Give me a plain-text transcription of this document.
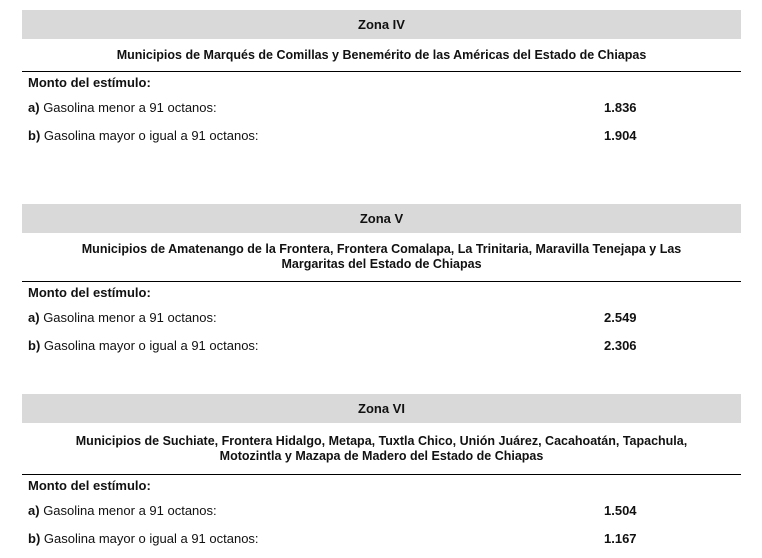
Zona IV
Municipios de Marqués de Comillas y Benemérito de las Américas del Estado de Chiapas
Monto del estímulo:
a) Gasolina menor a 91 octanos:	1.836
b) Gasolina mayor o igual a 91 octanos:	1.904
Zona V
Municipios de Amatenango de la Frontera, Frontera Comalapa, La Trinitaria, Maravilla Tenejapa y Las Margaritas del Estado de Chiapas
Monto del estímulo:
a) Gasolina menor a 91 octanos:	2.549
b) Gasolina mayor o igual a 91 octanos:	2.306
Zona VI
Municipios de Suchiate, Frontera Hidalgo, Metapa, Tuxtla Chico, Unión Juárez, Cacahoatán, Tapachula, Motozintla y Mazapa de Madero del Estado de Chiapas
Monto del estímulo:
a) Gasolina menor a 91 octanos:	1.504
b) Gasolina mayor o igual a 91 octanos:	1.167
